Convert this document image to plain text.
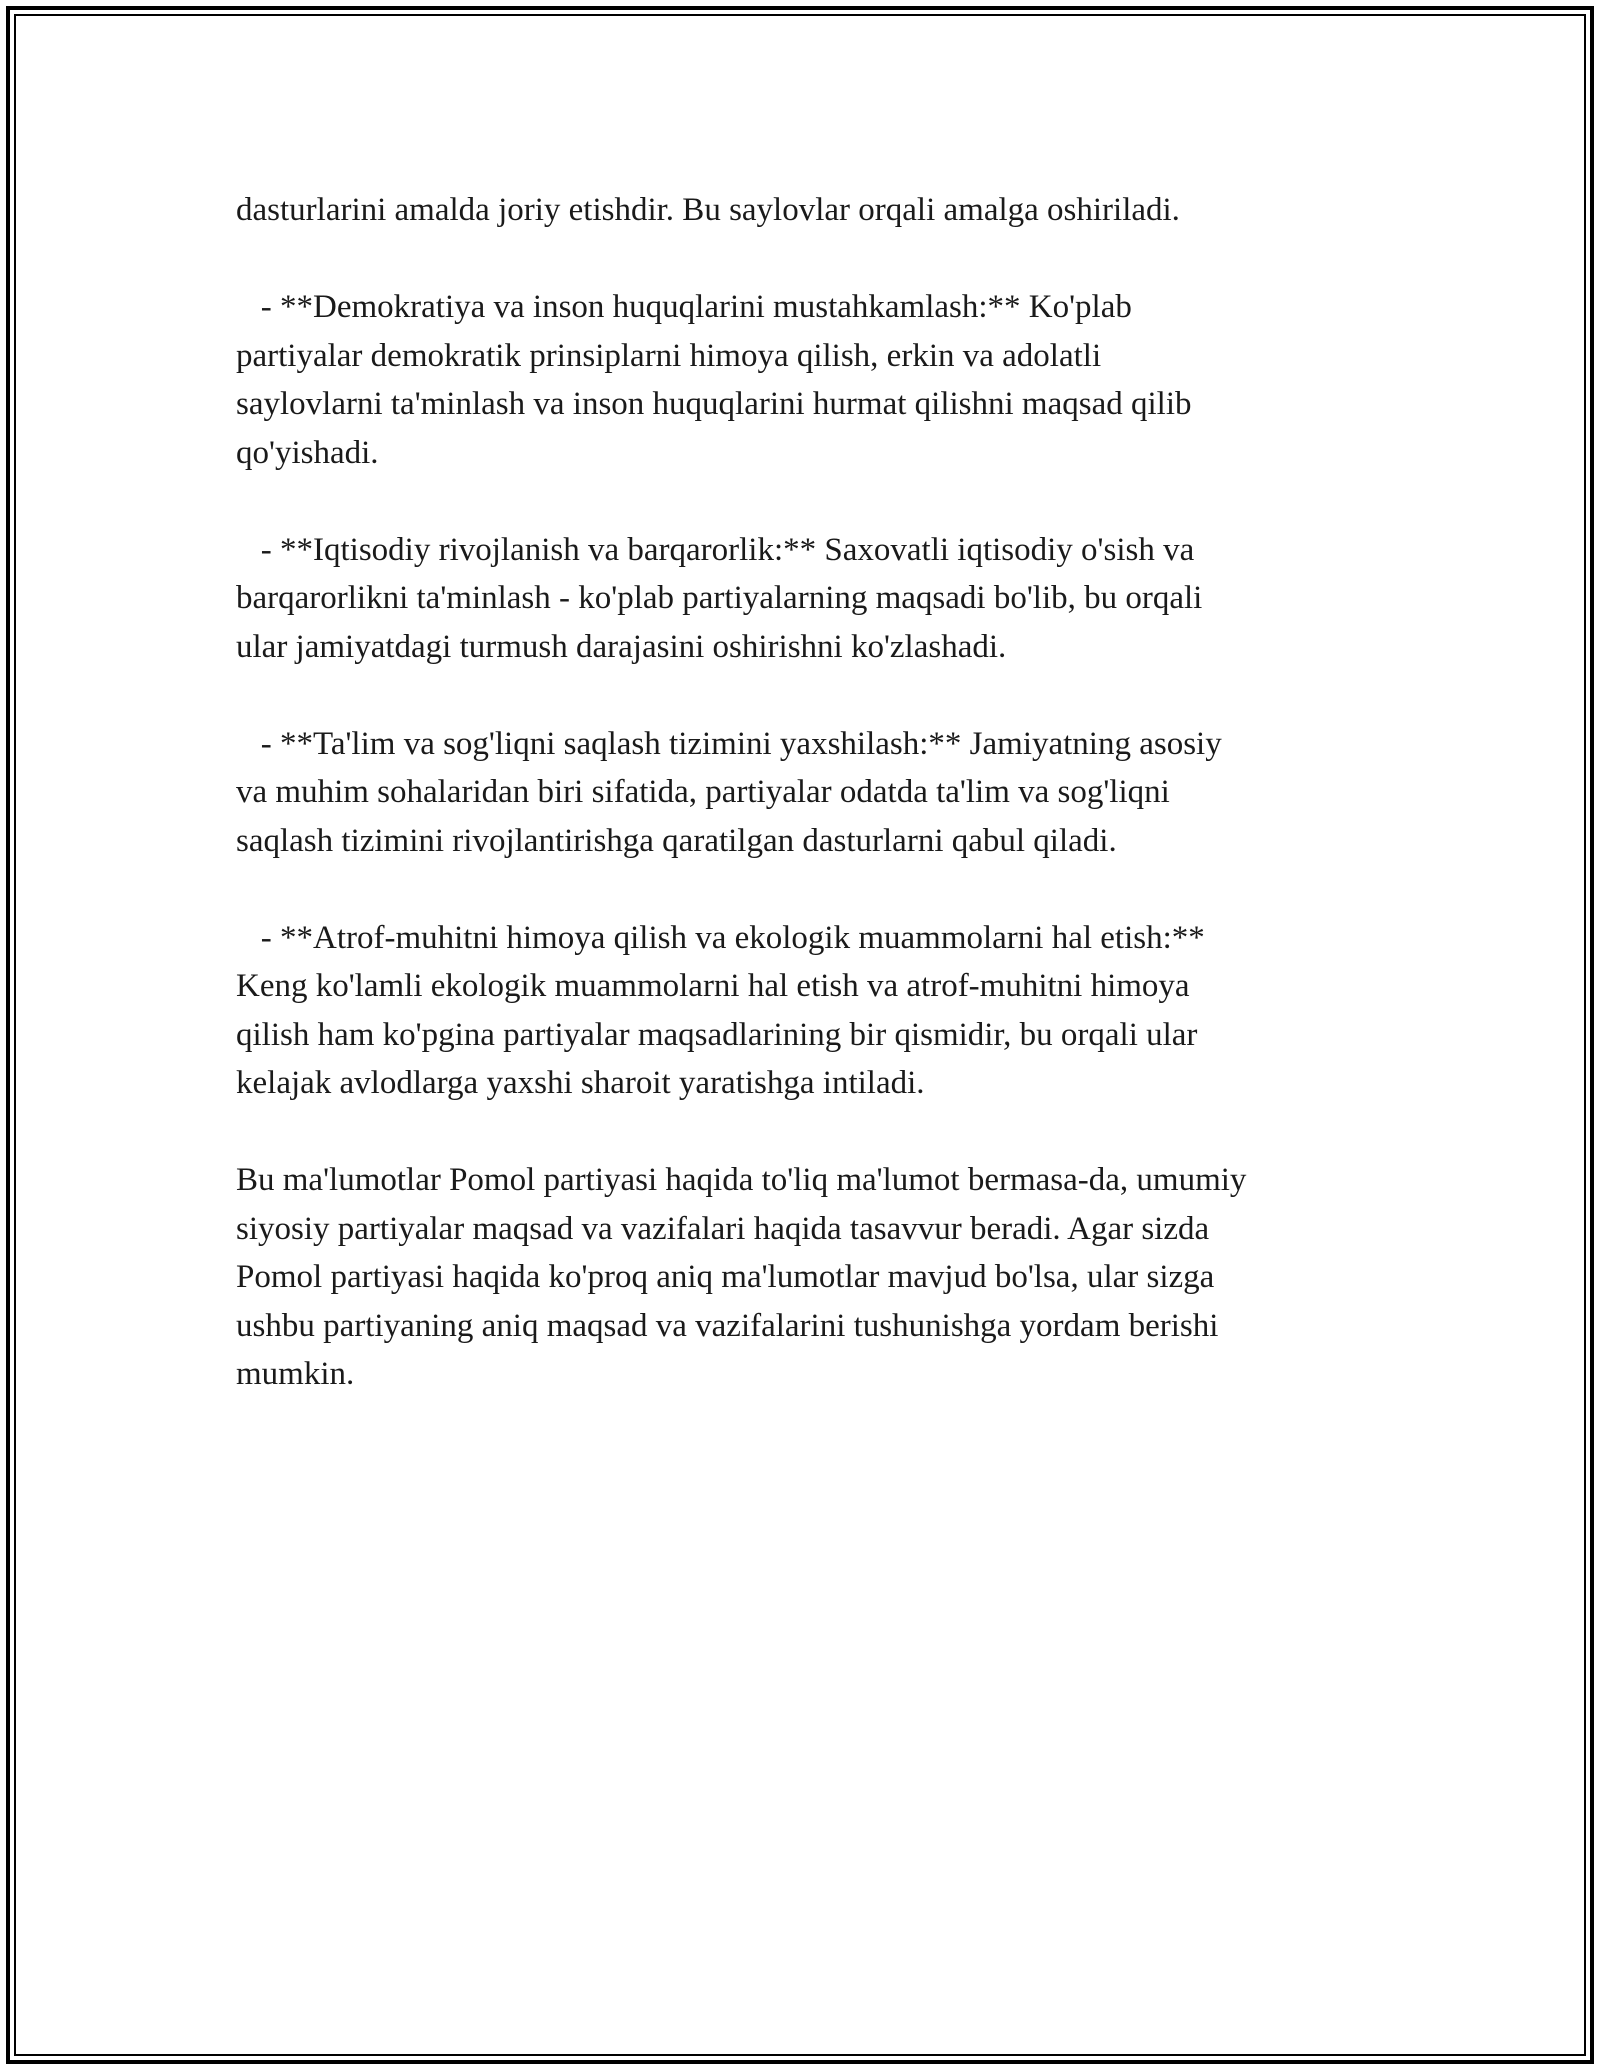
dasturlarini amalda joriy etishdir. Bu saylovlar orqali amalga oshiriladi.

- **Demokratiya va inson huquqlarini mustahkamlash:** Ko'plab
partiyalar demokratik prinsiplarni himoya qilish, erkin va adolatli
saylovlarni ta'minlash va inson huquqlarini hurmat qilishni maqsad qilib
qo'yishadi.

- **Iqtisodiy rivojlanish va barqarorlik:** Saxovatli iqtisodiy o'sish va
barqarorlikni ta'minlash - ko'plab partiyalarning maqsadi bo'lib, bu orqali
ular jamiyatdagi turmush darajasini oshirishni ko'zlashadi.

- **Ta'lim va sog'liqni saqlash tizimini yaxshilash:** Jamiyatning asosiy
va muhim sohalaridan biri sifatida, partiyalar odatda ta'lim va sog'liqni
saqlash tizimini rivojlantirishga qaratilgan dasturlarni qabul qiladi.

- **Atrof-muhitni himoya qilish va ekologik muammolarni hal etish:**
Keng ko'lamli ekologik muammolarni hal etish va atrof-muhitni himoya
qilish ham ko'pgina partiyalar maqsadlarining bir qismidir, bu orqali ular
kelajak avlodlarga yaxshi sharoit yaratishga intiladi.

Bu ma'lumotlar Pomol partiyasi haqida to'liq ma'lumot bermasa-da, umumiy
siyosiy partiyalar maqsad va vazifalari haqida tasavvur beradi. Agar sizda
Pomol partiyasi haqida ko'proq aniq ma'lumotlar mavjud bo'lsa, ular sizga
ushbu partiyaning aniq maqsad va vazifalarini tushunishga yordam berishi
mumkin.
